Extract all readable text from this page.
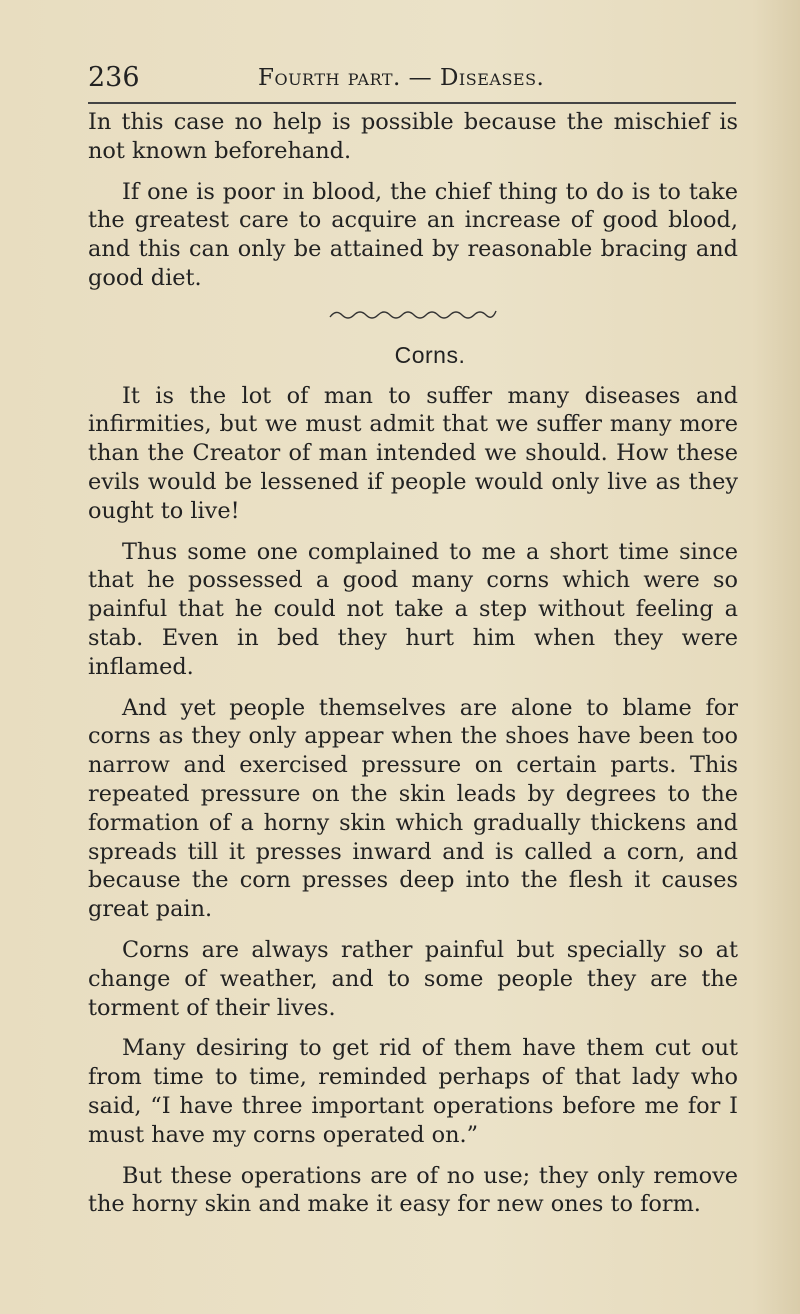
236	Fourth part. — Diseases.

In this case no help is possible because the mischief is not known beforehand.

If one is poor in blood, the chief thing to do is to take the greatest care to acquire an increase of good blood, and this can only be attained by reasonable bracing and good diet.

Corns.

It is the lot of man to suffer many diseases and infirmities, but we must admit that we suffer many more than the Creator of man intended we should. How these evils would be lessened if people would only live as they ought to live!

Thus some one complained to me a short time since that he possessed a good many corns which were so painful that he could not take a step without feeling a stab. Even in bed they hurt him when they were inflamed.

And yet people themselves are alone to blame for corns as they only appear when the shoes have been too narrow and exercised pressure on certain parts. This repeated pressure on the skin leads by degrees to the formation of a horny skin which gradually thickens and spreads till it presses inward and is called a corn, and because the corn presses deep into the flesh it causes great pain.

Corns are always rather painful but specially so at change of weather, and to some people they are the torment of their lives.

Many desiring to get rid of them have them cut out from time to time, reminded perhaps of that lady who said, “I have three important operations before me for I must have my corns operated on.”

But these operations are of no use; they only remove the horny skin and make it easy for new ones to form.
